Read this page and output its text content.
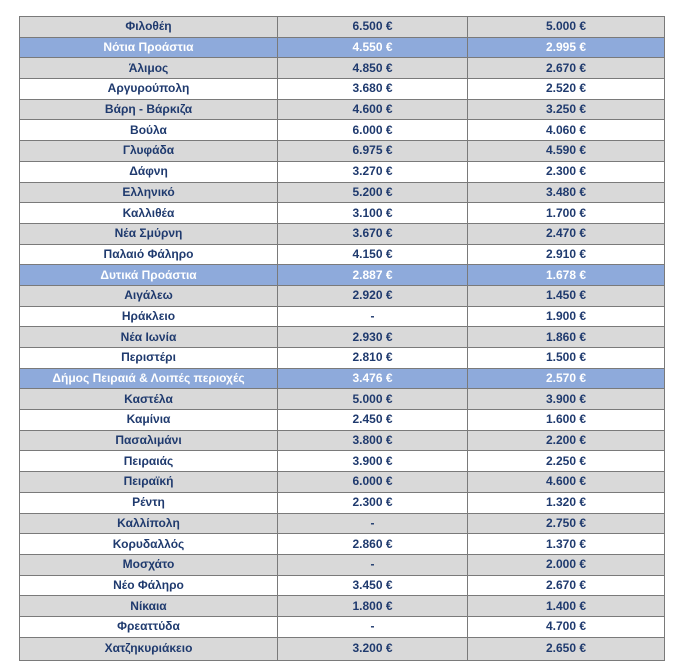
Φιλοθέη	6.500 €	5.000 €
Νότια Προάστια	4.550 €	2.995 €
Άλιμος	4.850 €	2.670 €
Αργυρούπολη	3.680 €	2.520 €
Βάρη - Βάρκιζα	4.600 €	3.250 €
Βούλα	6.000 €	4.060 €
Γλυφάδα	6.975 €	4.590 €
Δάφνη	3.270 €	2.300 €
Ελληνικό	5.200 €	3.480 €
Καλλιθέα	3.100 €	1.700 €
Νέα Σμύρνη	3.670 €	2.470 €
Παλαιό Φάληρο	4.150 €	2.910 €
Δυτικά Προάστια	2.887 €	1.678 €
Αιγάλεω	2.920 €	1.450 €
Ηράκλειο	-	1.900 €
Νέα Ιωνία	2.930 €	1.860 €
Περιστέρι	2.810 €	1.500 €
Δήμος Πειραιά & Λοιπές περιοχές	3.476 €	2.570 €
Καστέλα	5.000 €	3.900 €
Καμίνια	2.450 €	1.600 €
Πασαλιμάνι	3.800 €	2.200 €
Πειραιάς	3.900 €	2.250 €
Πειραϊκή	6.000 €	4.600 €
Ρέντη	2.300 €	1.320 €
Καλλίπολη	-	2.750 €
Κορυδαλλός	2.860 €	1.370 €
Μοσχάτο	-	2.000 €
Νέο Φάληρο	3.450 €	2.670 €
Νίκαια	1.800 €	1.400 €
Φρεαττύδα	-	4.700 €
Χατζηκυριάκειο	3.200 €	2.650 €
